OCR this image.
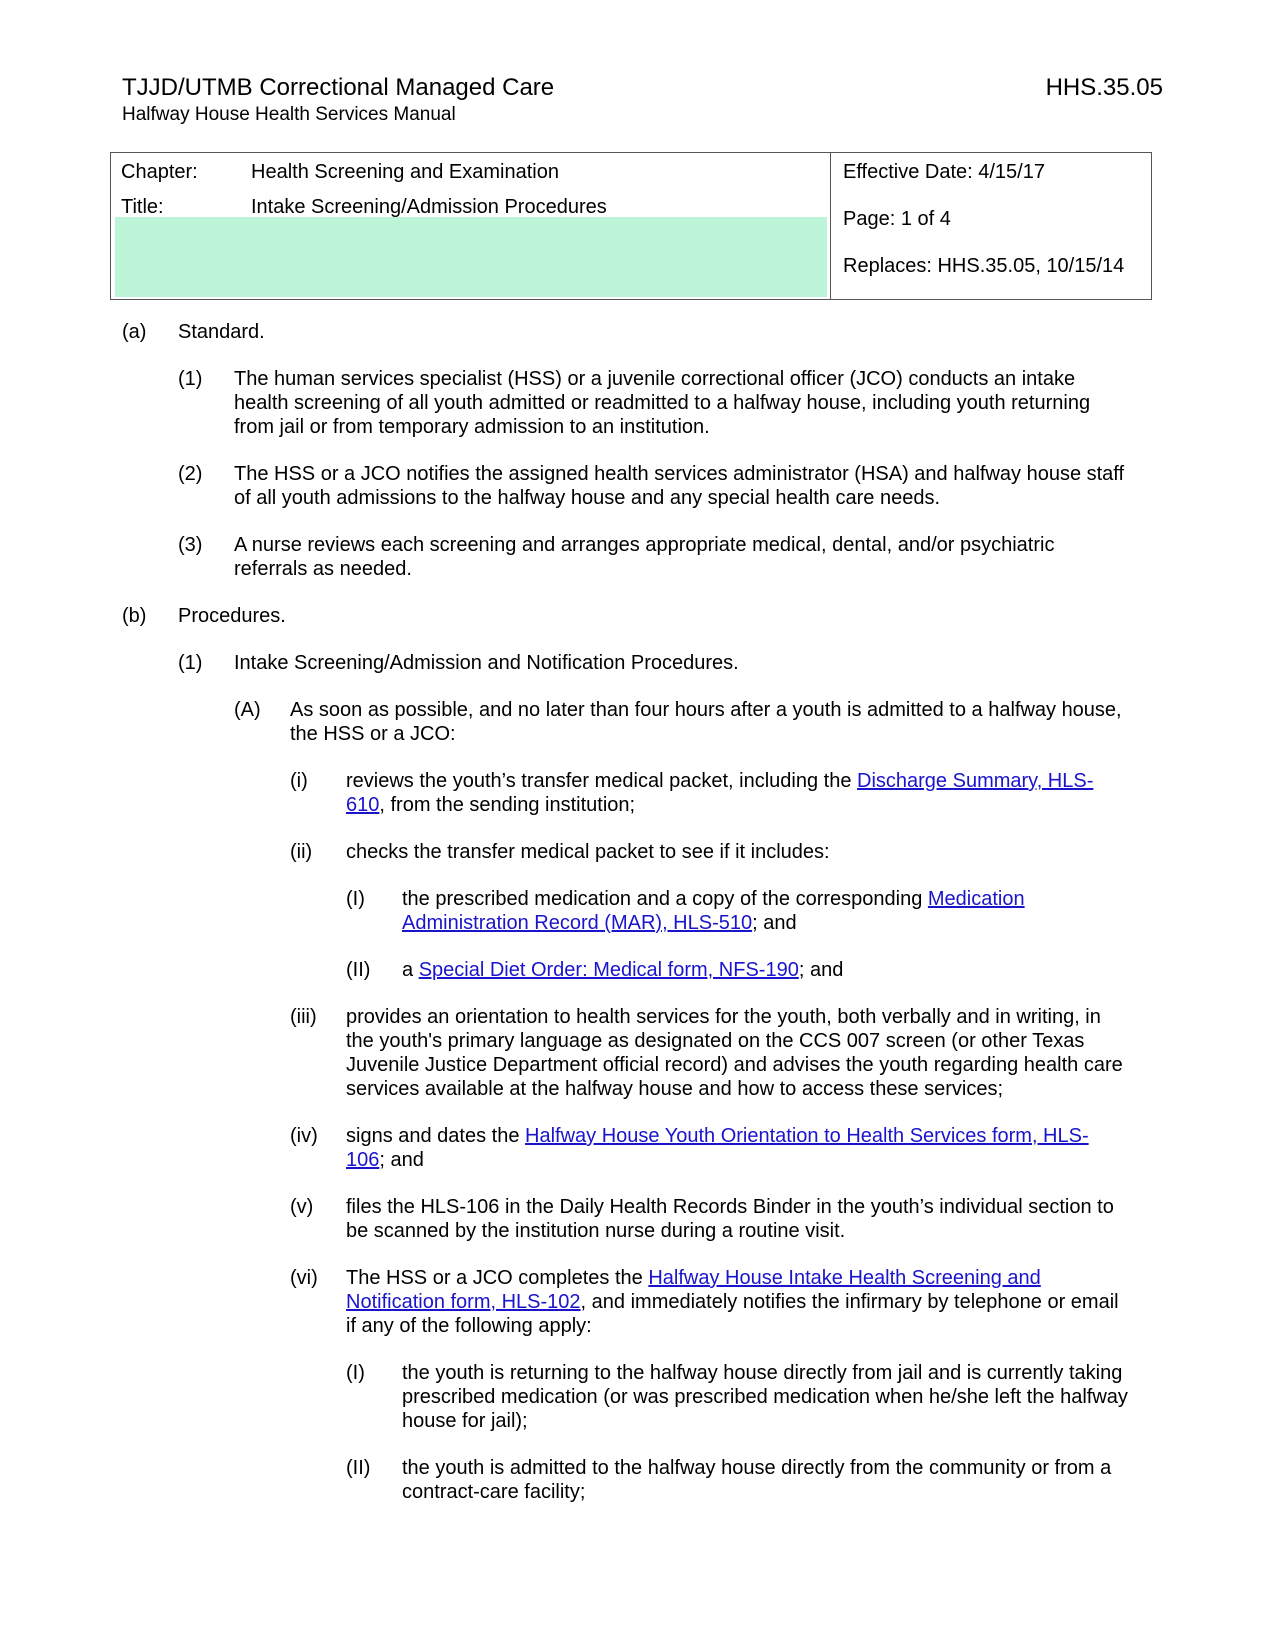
TJJD/UTMB Correctional Managed Care
Halfway House Health Services Manual
HHS.35.05
Chapter:	Health Screening and Examination
Title:	Intake Screening/Admission Procedures
Effective Date: 4/15/17
Page: 1 of 4
Replaces: HHS.35.05, 10/15/14
(a) Standard.
(1) The human services specialist (HSS) or a juvenile correctional officer (JCO) conducts an intake
health screening of all youth admitted or readmitted to a halfway house, including youth returning
from jail or from temporary admission to an institution.
(2) The HSS or a JCO notifies the assigned health services administrator (HSA) and halfway house staff
of all youth admissions to the halfway house and any special health care needs.
(3) A nurse reviews each screening and arranges appropriate medical, dental, and/or psychiatric
referrals as needed.
(b) Procedures.
(1) Intake Screening/Admission and Notification Procedures.
(A) As soon as possible, and no later than four hours after a youth is admitted to a halfway house,
the HSS or a JCO:
(i) reviews the youth’s transfer medical packet, including the Discharge Summary, HLS-
610, from the sending institution;
(ii) checks the transfer medical packet to see if it includes:
(I) the prescribed medication and a copy of the corresponding Medication
Administration Record (MAR), HLS-510; and
(II) a Special Diet Order: Medical form, NFS-190; and
(iii) provides an orientation to health services for the youth, both verbally and in writing, in
the youth's primary language as designated on the CCS 007 screen (or other Texas
Juvenile Justice Department official record) and advises the youth regarding health care
services available at the halfway house and how to access these services;
(iv) signs and dates the Halfway House Youth Orientation to Health Services form, HLS-
106; and
(v) files the HLS-106 in the Daily Health Records Binder in the youth’s individual section to
be scanned by the institution nurse during a routine visit.
(vi) The HSS or a JCO completes the Halfway House Intake Health Screening and
Notification form, HLS-102, and immediately notifies the infirmary by telephone or email
if any of the following apply:
(I) the youth is returning to the halfway house directly from jail and is currently taking
prescribed medication (or was prescribed medication when he/she left the halfway
house for jail);
(II) the youth is admitted to the halfway house directly from the community or from a
contract-care facility;
